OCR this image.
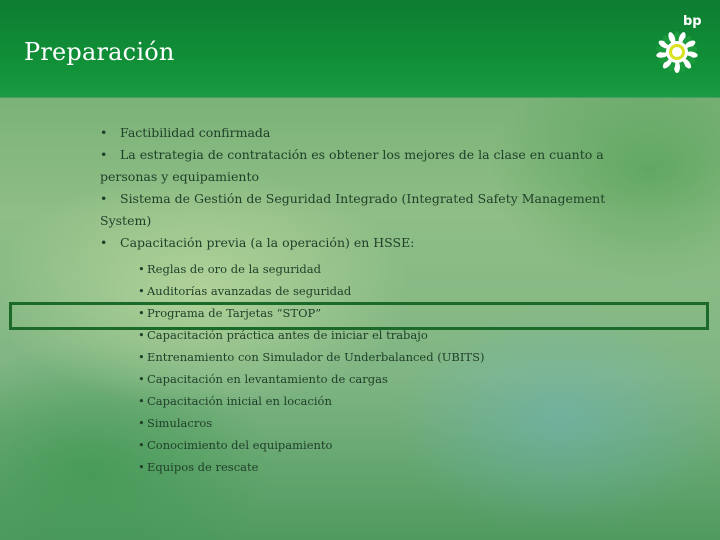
Preparación
bp
• Factibilidad confirmada
• La estrategia de contratación es obtener los mejores de la clase en cuanto a personas y equipamiento
• Sistema de Gestión de Seguridad Integrado (Integrated Safety Management System)
• Capacitación previa (a la operación) en HSSE:
• Reglas de oro de la seguridad
• Auditorías avanzadas de seguridad
• Programa de Tarjetas “STOP”
• Capacitación práctica antes de iniciar el trabajo
• Entrenamiento con Simulador de Underbalanced (UBITS)
• Capacitación en levantamiento de cargas
• Capacitación inicial en locación
• Simulacros
• Conocimiento del equipamiento
• Equipos de rescate
